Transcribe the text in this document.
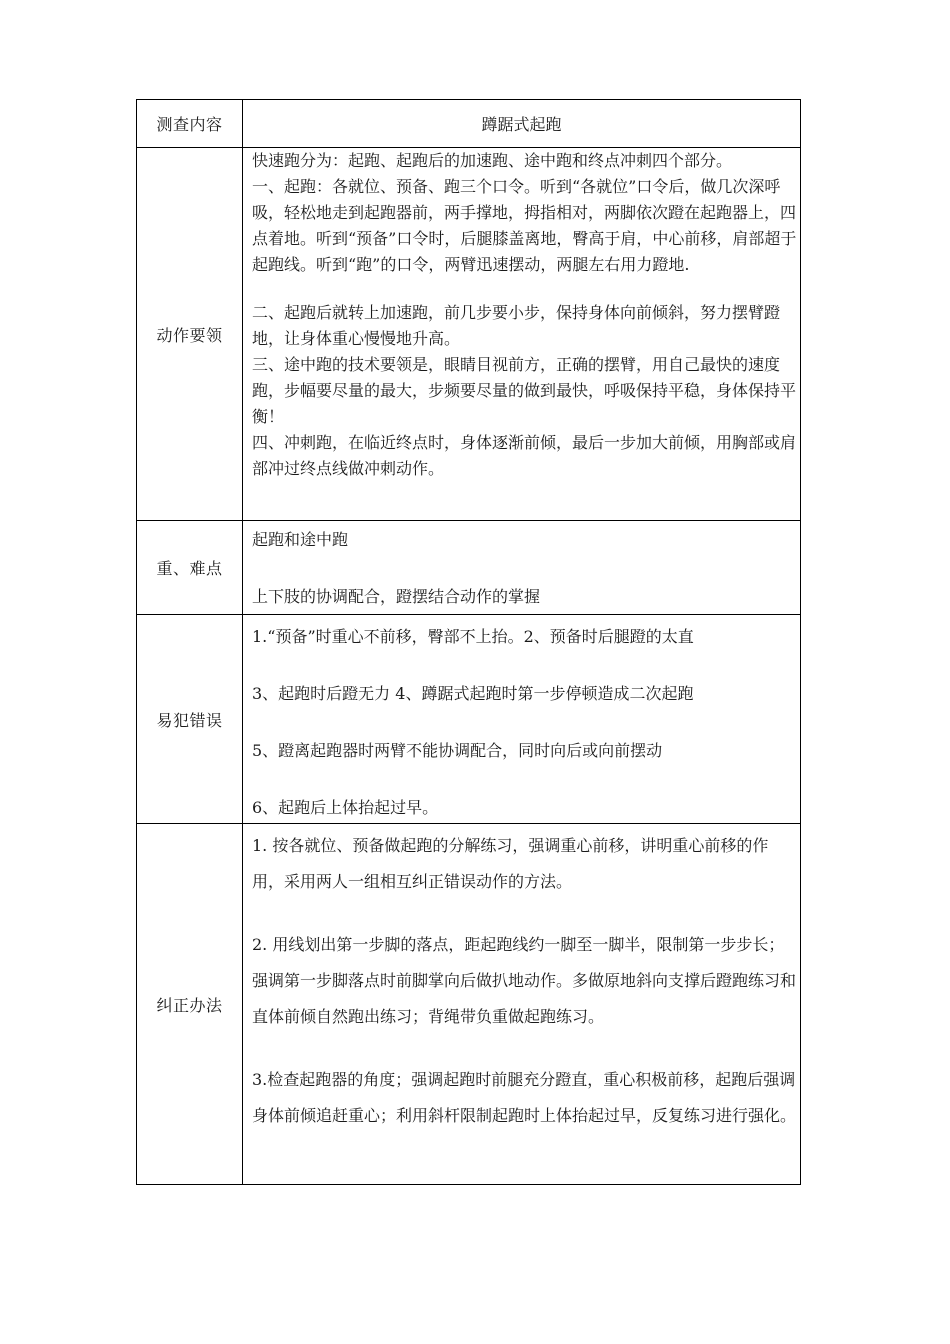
测查内容	蹲踞式起跑
动作要领	快速跑分为：起跑、起跑后的加速跑、途中跑和终点冲刺四个部分。

一、起跑：各就位、预备、跑三个口令。听到“各就位”口令后，做几次深呼吸，轻松地走到起跑器前，两手撑地，拇指相对，两脚依次蹬在起跑器上，四点着地。听到“预备”口令时，后腿膝盖离地，臀高于肩，中心前移，肩部超于起跑线。听到“跑”的口令，两臂迅速摆动，两腿左右用力蹬地.

二、起跑后就转上加速跑，前几步要小步，保持身体向前倾斜，努力摆臂蹬地，让身体重心慢慢地升高。

三、途中跑的技术要领是，眼睛目视前方，正确的摆臂，用自己最快的速度跑，步幅要尽量的最大，步频要尽量的做到最快，呼吸保持平稳，身体保持平衡！

四、冲刺跑，在临近终点时，身体逐渐前倾，最后一步加大前倾，用胸部或肩部冲过终点线做冲刺动作。

重、难点	起跑和途中跑

上下肢的协调配合，蹬摆结合动作的掌握

易犯错误	1.“预备”时重心不前移，臀部不上抬。2、预备时后腿蹬的太直

3、起跑时后蹬无力 4、蹲踞式起跑时第一步停顿造成二次起跑

5、蹬离起跑器时两臂不能协调配合，同时向后或向前摆动

6、起跑后上体抬起过早。

纠正办法	1. 按各就位、预备做起跑的分解练习，强调重心前移，讲明重心前移的作用，采用两人一组相互纠正错误动作的方法。

2. 用线划出第一步脚的落点，距起跑线约一脚至一脚半，限制第一步步长；强调第一步脚落点时前脚掌向后做扒地动作。多做原地斜向支撑后蹬跑练习和直体前倾自然跑出练习；背绳带负重做起跑练习。

3.检查起跑器的角度；强调起跑时前腿充分蹬直，重心积极前移，起跑后强调身体前倾追赶重心；利用斜杆限制起跑时上体抬起过早，反复练习进行强化。
